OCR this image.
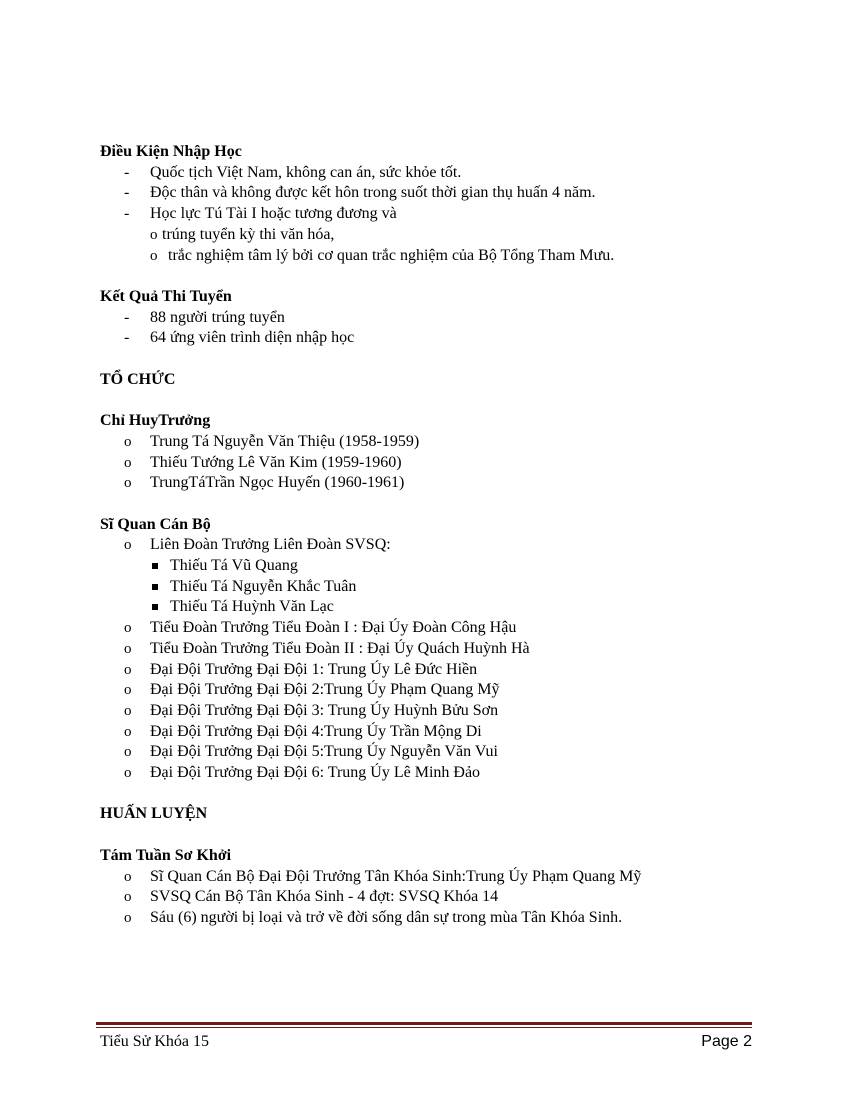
Điều Kiện Nhập Học

- Quốc tịch Việt Nam, không can án, sức khỏe tốt.
- Độc thân và không được kết hôn trong suốt thời gian thụ huấn 4 năm.
- Học lực Tú Tài I hoặc tương đương và
o trúng tuyển kỳ thi văn hóa,
o trắc nghiệm tâm lý bởi cơ quan trắc nghiệm của Bộ Tổng Tham Mưu.

Kết Quả Thi Tuyển

- 88 người trúng tuyển
- 64 ứng viên trình diện nhập học

TỔ CHỨC

Chỉ HuyTrưởng

o Trung Tá Nguyễn Văn Thiệu (1958-1959)
o Thiếu Tướng Lê Văn Kim (1959-1960)
o TrungTáTrần Ngọc Huyến (1960-1961)

Sĩ Quan Cán Bộ

o Liên Đoàn Trưởng Liên Đoàn SVSQ:
Thiếu Tá Vũ Quang
Thiếu Tá Nguyễn Khắc Tuân
Thiếu Tá Huỳnh Văn Lạc
o Tiểu Đoàn Trưởng Tiểu Đoàn I : Đại Úy Đoàn Công Hậu
o Tiểu Đoàn Trưởng Tiểu Đoàn II : Đại Úy Quách Huỳnh Hà
o Đại Đội Trưởng Đại Đội 1: Trung Úy Lê Đức Hiền
o Đại Đội Trưởng Đại Đội 2:Trung Úy Phạm Quang Mỹ
o Đại Đội Trưởng Đại Đội 3: Trung Úy Huỳnh Bửu Sơn
o Đại Đội Trưởng Đại Đội 4:Trung Úy Trần Mộng Di
o Đại Đội Trưởng Đại Đội 5:Trung Úy Nguyễn Văn Vui
o Đại Đội Trưởng Đại Đội 6: Trung Úy Lê Minh Đảo

HUẤN LUYỆN

Tám Tuần Sơ Khởi

o Sĩ Quan Cán Bộ Đại Đội Trưởng Tân Khóa Sinh:Trung Úy Phạm Quang Mỹ
o SVSQ Cán Bộ Tân Khóa Sinh - 4 đợt: SVSQ Khóa 14
o Sáu (6) người bị loại và trở về đời sống dân sự trong mùa Tân Khóa Sinh.
Tiểu Sử Khóa 15	Page 2
